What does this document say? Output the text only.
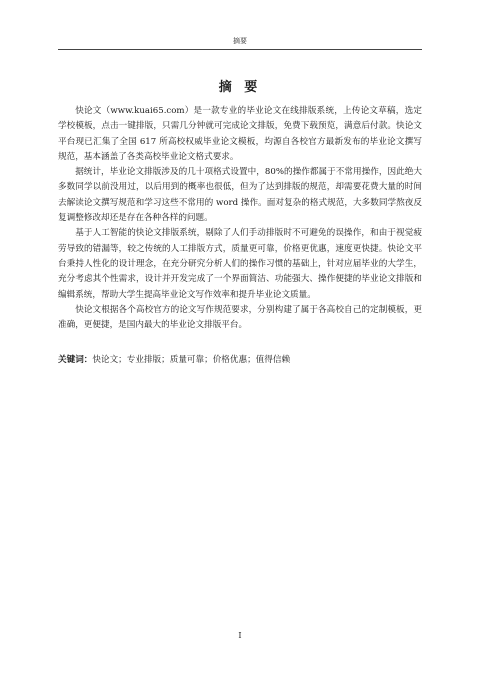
摘要
摘 要

快论文（www.kuai65.com）是一款专业的毕业论文在线排版系统，上传论文草稿，选定学校模板，点击一键排版，只需几分钟就可完成论文排版，免费下载预览，满意后付款。快论文平台现已汇集了全国 617 所高校权威毕业论文模板，均源自各校官方最新发布的毕业论文撰写规范，基本涵盖了各类高校毕业论文格式要求。

据统计，毕业论文排版涉及的几十项格式设置中，80%的操作都属于不常用操作，因此绝大多数同学以前没用过，以后用到的概率也很低，但为了达到排版的规范，却需要花费大量的时间去解读论文撰写规范和学习这些不常用的 word 操作。面对复杂的格式规范，大多数同学熬夜反复调整修改却还是存在各种各样的问题。

基于人工智能的快论文排版系统，剔除了人们手动排版时不可避免的误操作，和由于视觉疲劳导致的错漏等，较之传统的人工排版方式，质量更可靠，价格更优惠，速度更快捷。快论文平台秉持人性化的设计理念，在充分研究分析人们的操作习惯的基础上，针对应届毕业的大学生，充分考虑其个性需求，设计并开发完成了一个界面简洁、功能强大、操作便捷的毕业论文排版和编辑系统，帮助大学生提高毕业论文写作效率和提升毕业论文质量。

快论文根据各个高校官方的论文写作规范要求，分别构建了属于各高校自己的定制模板，更准确，更便捷，是国内最大的毕业论文排版平台。

关键词：快论文；专业排版；质量可靠；价格优惠；值得信赖
I
